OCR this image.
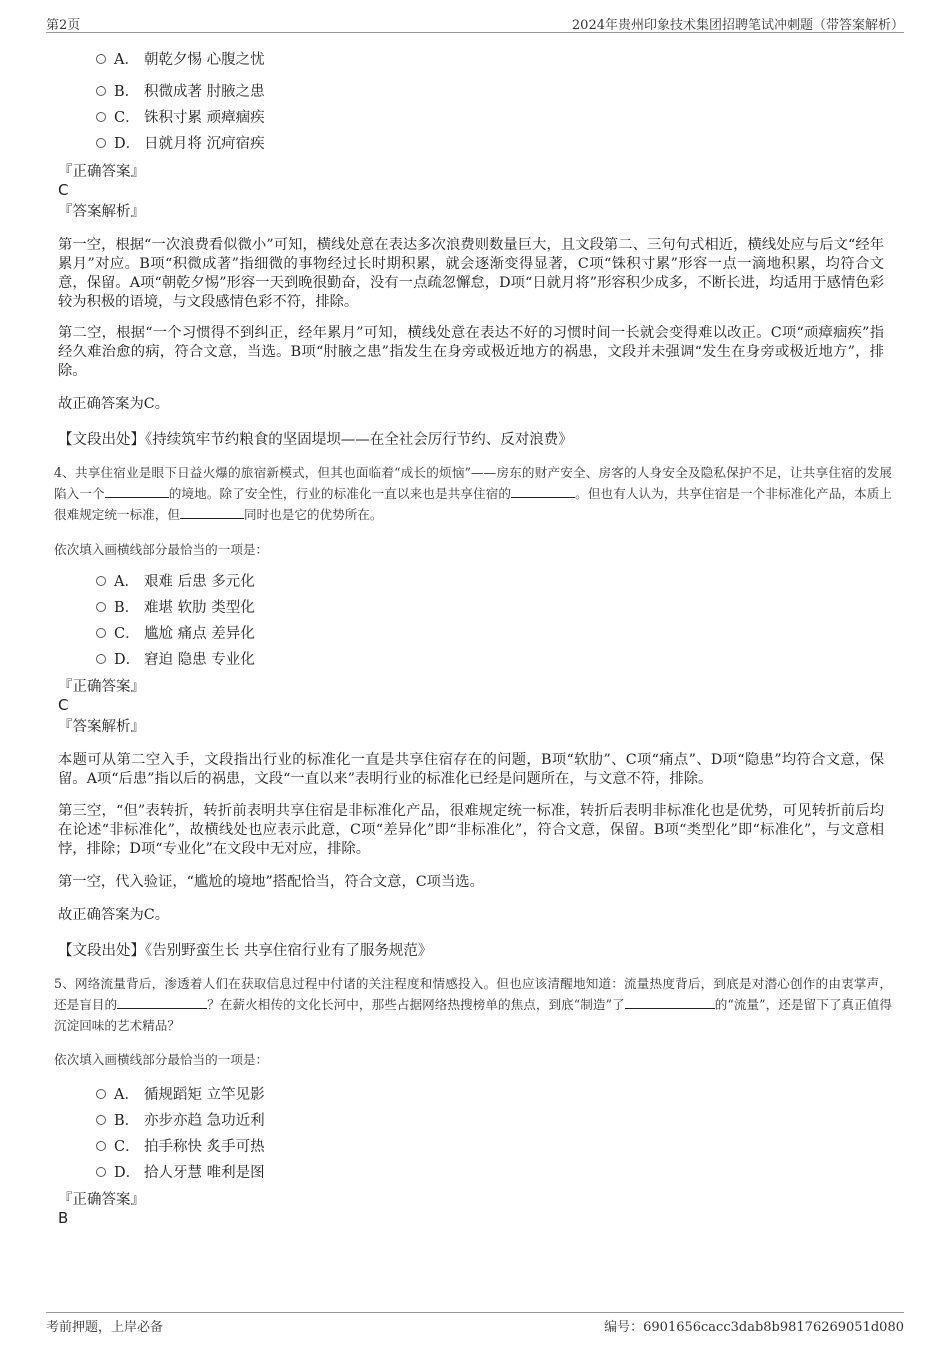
第2页	2024年贵州印象技术集团招聘笔试冲刺题（带答案解析）
A． 朝乾夕惕 心腹之忧
B． 积微成著 肘腋之患
C． 铢积寸累 顽瘴痼疾
D． 日就月将 沉疴宿疾
『正确答案』
C
『答案解析』
第一空，根据“一次浪费看似微小”可知，横线处意在表达多次浪费则数量巨大，且文段第二、三句句式相近，横线处应与后文“经年累月”对应。B项“积微成著”指细微的事物经过长时期积累，就会逐渐变得显著，C项“铢积寸累”形容一点一滴地积累，均符合文意，保留。A项“朝乾夕惕”形容一天到晚很勤奋，没有一点疏忽懈怠，D项“日就月将”形容积少成多，不断长进，均适用于感情色彩较为积极的语境，与文段感情色彩不符，排除。
第二空，根据“一个习惯得不到纠正，经年累月”可知，横线处意在表达不好的习惯时间一长就会变得难以改正。C项“顽瘴痼疾”指经久难治愈的病，符合文意，当选。B项“肘腋之患”指发生在身旁或极近地方的祸患，文段并未强调“发生在身旁或极近地方”，排除。
故正确答案为C。
【文段出处】《持续筑牢节约粮食的坚固堤坝——在全社会厉行节约、反对浪费》
4、共享住宿业是眼下日益火爆的旅宿新模式，但其也面临着“成长的烦恼”——房东的财产安全、房客的人身安全及隐私保护不足，让共享住宿的发展陷入一个	的境地。除了安全性，行业的标准化一直以来也是共享住宿的	。但也有人认为，共享住宿是一个非标准化产品，本质上很难规定统一标准，但	同时也是它的优势所在。
依次填入画横线部分最恰当的一项是：
A． 艰难 后患 多元化
B． 难堪 软肋 类型化
C． 尴尬 痛点 差异化
D． 窘迫 隐患 专业化
『正确答案』
C
『答案解析』
本题可从第二空入手，文段指出行业的标准化一直是共享住宿存在的问题，B项“软肋”、C项“痛点”、D项“隐患”均符合文意，保留。A项“后患”指以后的祸患，文段“一直以来”表明行业的标准化已经是问题所在，与文意不符，排除。
第三空，“但”表转折，转折前表明共享住宿是非标准化产品，很难规定统一标准，转折后表明非标准化也是优势，可见转折前后均在论述“非标准化”，故横线处也应表示此意，C项“差异化”即“非标准化”，符合文意，保留。B项“类型化”即“标准化”，与文意相悖，排除；D项“专业化”在文段中无对应，排除。
第一空，代入验证，“尴尬的境地”搭配恰当，符合文意，C项当选。
故正确答案为C。
【文段出处】《告别野蛮生长 共享住宿行业有了服务规范》
5、网络流量背后，渗透着人们在获取信息过程中付诸的关注程度和情感投入。但也应该清醒地知道：流量热度背后，到底是对潜心创作的由衷掌声，还是盲目的	？在薪火相传的文化长河中，那些占据网络热搜榜单的焦点，到底“制造”了	的“流量”，还是留下了真正值得沉淀回味的艺术精品？
依次填入画横线部分最恰当的一项是：
A． 循规蹈矩 立竿见影
B． 亦步亦趋 急功近利
C． 拍手称快 炙手可热
D． 拾人牙慧 唯利是图
『正确答案』
B
考前押题，上岸必备	编号：6901656cacc3dab8b98176269051d080
